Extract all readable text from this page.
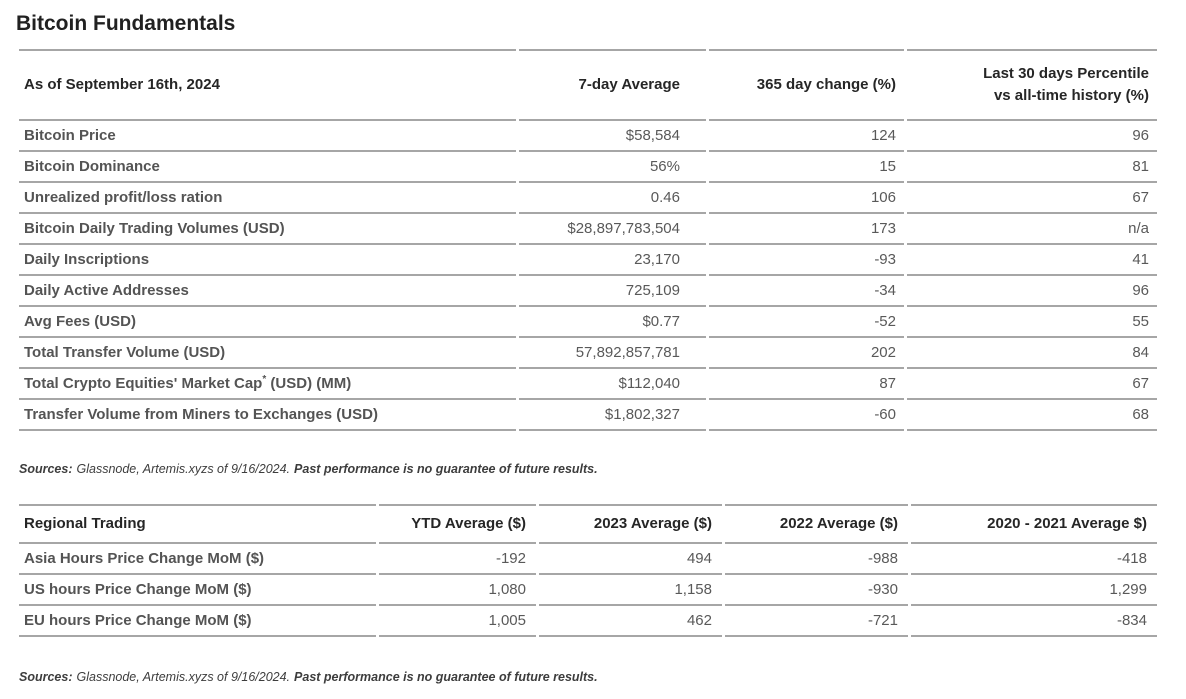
Bitcoin Fundamentals
As of September 16th, 2024	7-day Average	365 day change (%)	Last 30 days Percentile
vs all-time history (%)
Bitcoin Price	$58,584	124	96
Bitcoin Dominance	56%	15	81
Unrealized profit/loss ration	0.46	106	67
Bitcoin Daily Trading Volumes (USD)	$28,897,783,504	173	n/a
Daily Inscriptions	23,170	-93	41
Daily Active Addresses	725,109	-34	96
Avg Fees (USD)	$0.77	-52	55
Total Transfer Volume (USD)	57,892,857,781	202	84
Total Crypto Equities' Market Cap* (USD) (MM)	$112,040	87	67
Transfer Volume from Miners to Exchanges (USD)	$1,802,327	-60	68

Sources: Glassnode, Artemis.xyzs of 9/16/2024. Past performance is no guarantee of future results.

Regional Trading	YTD Average ($)	2023 Average ($)	2022 Average ($)	2020 - 2021 Average $)
Asia Hours Price Change MoM ($)	-192	494	-988	-418
US hours Price Change MoM ($)	1,080	1,158	-930	1,299
EU hours Price Change MoM ($)	1,005	462	-721	-834

Sources: Glassnode, Artemis.xyzs of 9/16/2024. Past performance is no guarantee of future results.
